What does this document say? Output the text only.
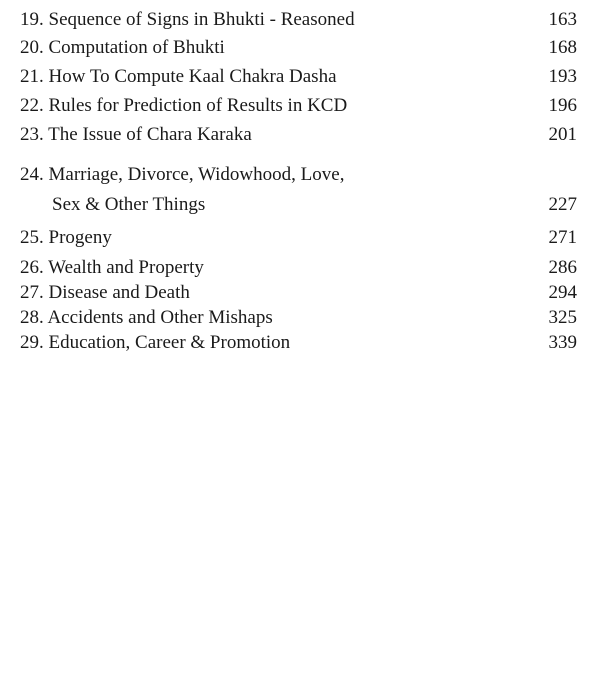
19. Sequence of Signs in Bhukti - Reasoned	163
20. Computation of Bhukti	168
21. How To Compute Kaal Chakra Dasha	193
22. Rules for Prediction of Results in KCD	196
23. The Issue of Chara Karaka	201
24. Marriage, Divorce, Widowhood, Love,
Sex & Other Things	227
25. Progeny	271
26. Wealth and Property	286
27. Disease and Death	294
28. Accidents and Other Mishaps	325
29. Education, Career & Promotion	339
